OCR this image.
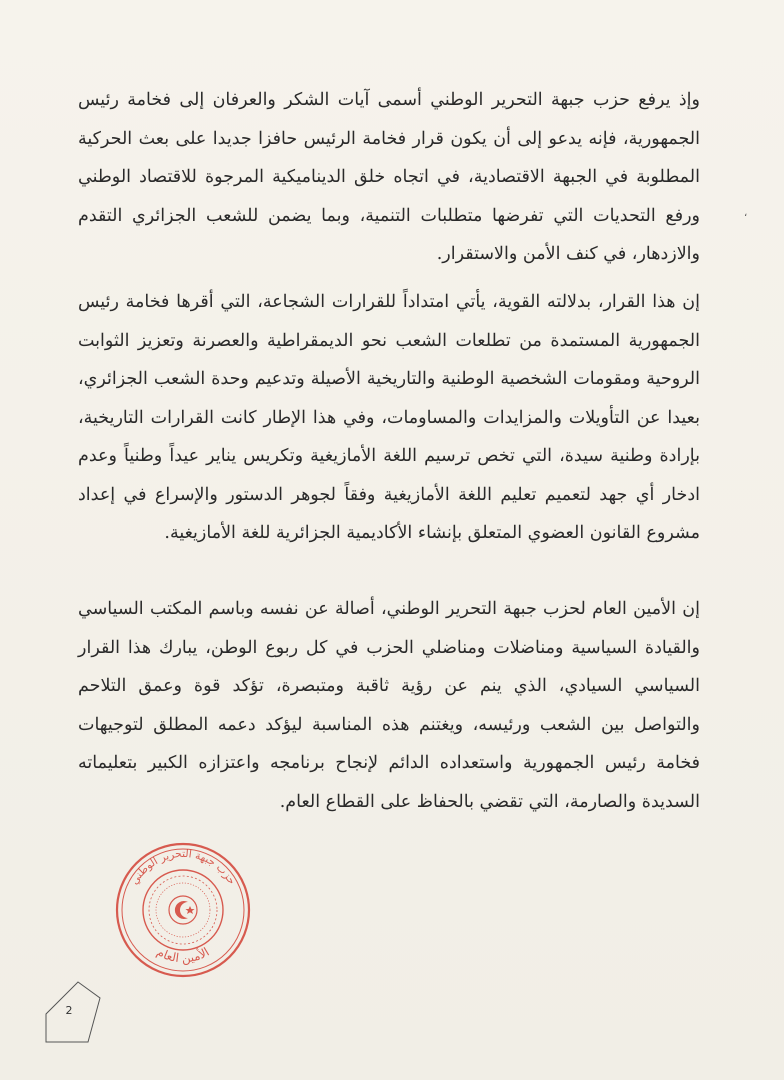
وإذ يرفع حزب جبهة التحرير الوطني أسمى آيات الشكر والعرفان إلى فخامة رئيس الجمهورية، فإنه يدعو إلى أن يكون قرار فخامة الرئيس حافزا جديدا على بعث الحركية المطلوبة في الجبهة الاقتصادية، في اتجاه خلق الديناميكية المرجوة للاقتصاد الوطني ورفع التحديات التي تفرضها متطلبات التنمية، وبما يضمن للشعب الجزائري التقدم والازدهار، في كنف الأمن والاستقرار.

،

إن هذا القرار، بدلالته القوية، يأتي امتداداً للقرارات الشجاعة، التي أقرها فخامة رئيس الجمهورية المستمدة من تطلعات الشعب نحو الديمقراطية والعصرنة وتعزيز الثوابت الروحية ومقومات الشخصية الوطنية والتاريخية الأصيلة وتدعيم وحدة الشعب الجزائري، بعيدا عن التأويلات والمزايدات والمساومات، وفي هذا الإطار كانت القرارات التاريخية، بإرادة وطنية سيدة، التي تخص ترسيم اللغة الأمازيغية وتكريس يناير عيداً وطنياً وعدم ادخار أي جهد لتعميم تعليم اللغة الأمازيغية وفقاً لجوهر الدستور والإسراع في إعداد مشروع القانون العضوي المتعلق بإنشاء الأكاديمية الجزائرية للغة الأمازيغية.

إن الأمين العام لحزب جبهة التحرير الوطني، أصالة عن نفسه وباسم المكتب السياسي والقيادة السياسية ومناضلات ومناضلي الحزب في كل ربوع الوطن، يبارك هذا القرار السياسي السيادي، الذي ينم عن رؤية ثاقبة ومتبصرة، تؤكد قوة وعمق التلاحم والتواصل بين الشعب ورئيسه، ويغتنم هذه المناسبة ليؤكد دعمه المطلق لتوجيهات فخامة رئيس الجمهورية واستعداده الدائم لإنجاح برنامجه واعتزازه الكبير بتعليماته السديدة والصارمة، التي تقضي بالحفاظ على القطاع العام.

حزب جبهة التحرير الوطني
الأمين العام
2
